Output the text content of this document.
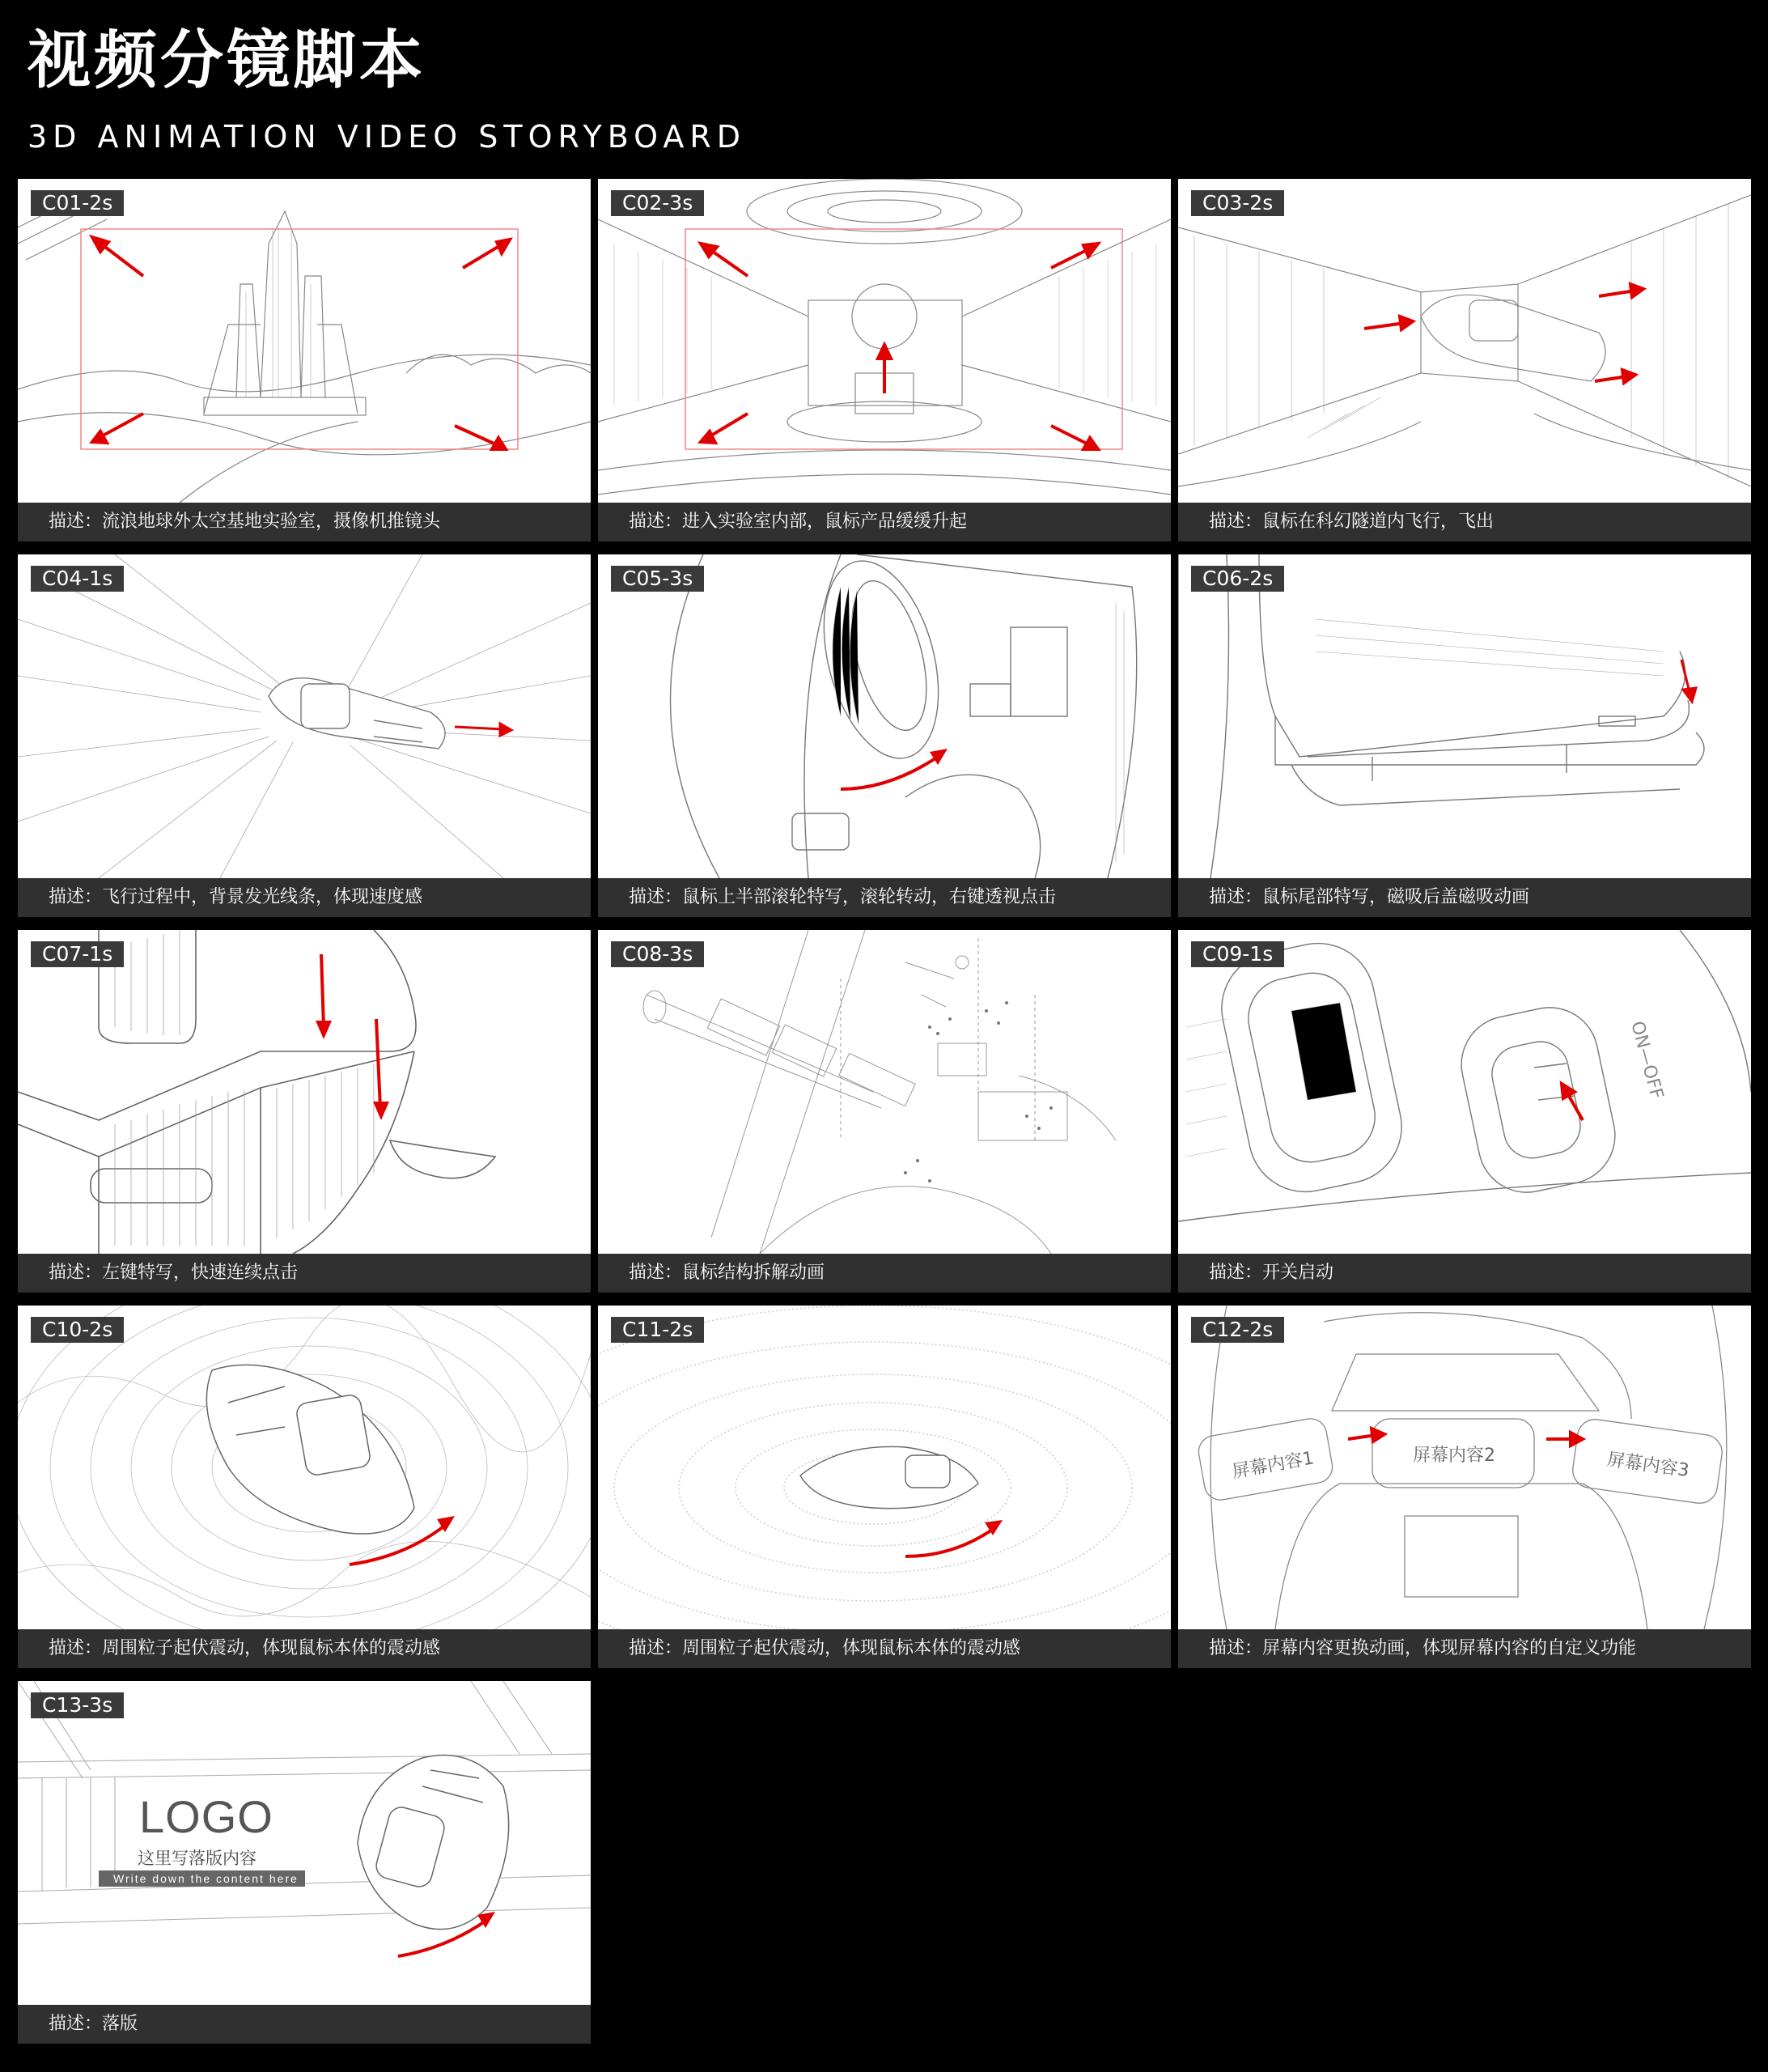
视频分镜脚本
3D ANIMATION VIDEO STORYBOARD
C01-2s
描述：流浪地球外太空基地实验室，摄像机推镜头
C02-3s
描述：进入实验室内部，鼠标产品缓缓升起
C03-2s
描述：鼠标在科幻隧道内飞行，飞出
C04-1s
描述：飞行过程中，背景发光线条，体现速度感
C05-3s
描述：鼠标上半部滚轮特写，滚轮转动，右键透视点击
C06-2s
描述：鼠标尾部特写，磁吸后盖磁吸动画
C07-1s
描述：左键特写，快速连续点击
C08-3s
描述：鼠标结构拆解动画
C09-1s
ON—OFF
描述：开关启动
C10-2s
描述：周围粒子起伏震动，体现鼠标本体的震动感
C11-2s
描述：周围粒子起伏震动，体现鼠标本体的震动感
C12-2s
屏幕内容1	屏幕内容2	屏幕内容3
描述：屏幕内容更换动画，体现屏幕内容的自定义功能
C13-3s
LOGO
这里写落版内容
Write down the content here
描述：落版
